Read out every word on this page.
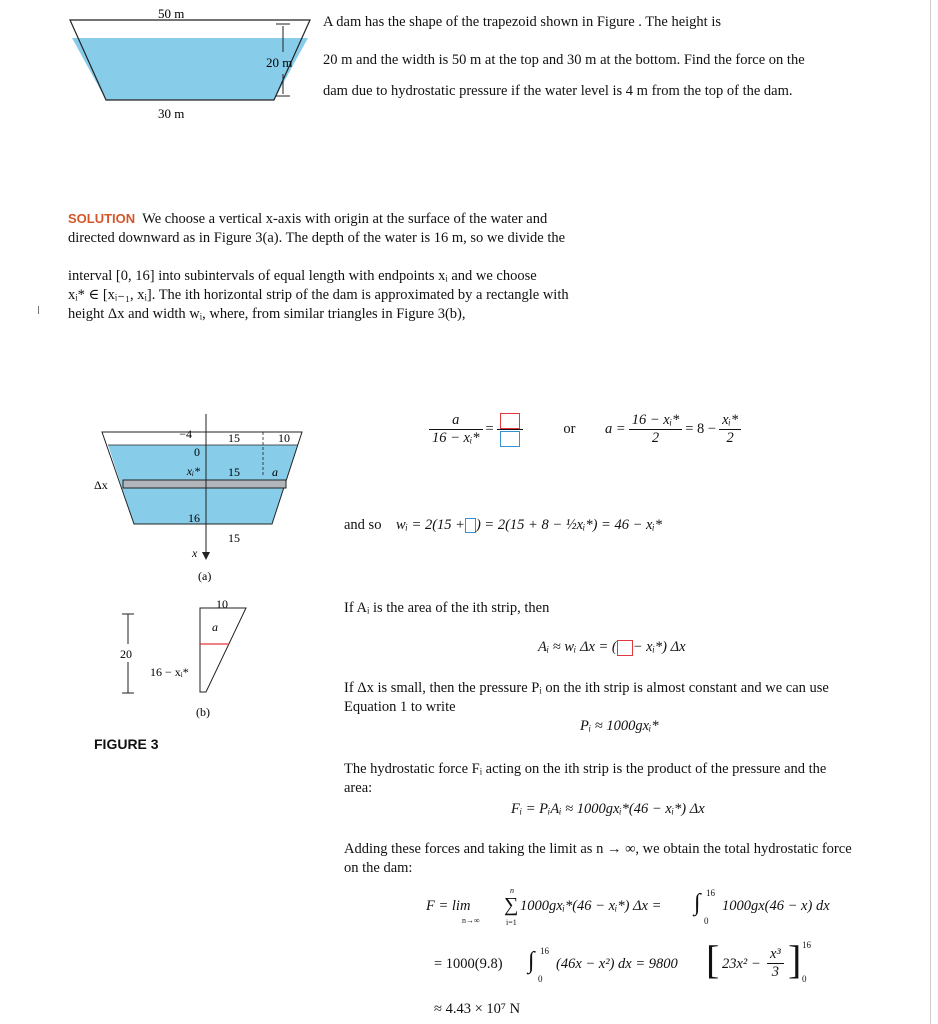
50 m
20 m
30 m
A dam has the shape of the trapezoid shown in Figure . The height is
20 m and the width is 50 m at the top and 30 m at the bottom. Find the force on the
dam due to hydrostatic pressure if the water level is 4 m from the top of the dam.
SOLUTION We choose a vertical x-axis with origin at the surface of the water and
directed downward as in Figure 3(a). The depth of the water is 16 m, so we divide the
interval [0, 16] into subintervals of equal length with endpoints xᵢ and we choose
xᵢ* ∈ [xᵢ₋₁, xᵢ]. The ith horizontal strip of the dam is approximated by a rectangle with
height Δx and width wᵢ, where, from similar triangles in Figure 3(b),
−4
0
xᵢ*
16
x
Δx
15	10
15	a
15
(a)
20
10
a
16 − xᵢ*
(b)
FIGURE 3
$\frac{a}{\text{16 − xᵢ*}}$ =	or $a = \frac{\text{16 − xᵢ*}}{2} = 8 - \frac{\text{xᵢ*}}{2}$
and so wᵢ = 2(15 + ) = 2(15 + 8 − ½xᵢ*) = 46 − xᵢ*
If Aᵢ is the area of the ith strip, then
Aᵢ ≈ wᵢ Δx = ( − xᵢ*) Δx
If Δx is small, then the pressure Pᵢ on the ith strip is almost constant and we can use
Equation 1 to write
Pᵢ ≈ 1000gxᵢ*
The hydrostatic force Fᵢ acting on the ith strip is the product of the pressure and the
area:
Fᵢ = PᵢAᵢ ≈ 1000gxᵢ*(46 − xᵢ*) Δx
Adding these forces and taking the limit as n → ∞, we obtain the total hydrostatic force
on the dam:
F = lim
n→∞
n
∑
i=1
1000gxᵢ*(46 − xᵢ*) Δx = ∫ 16
0
1000gx(46 − x) dx
= 1000(9.8) ∫ 16
0
(46x − x²) dx = 9800 [ 23x² −
x³
3 ] 16
0
≈ 4.43 × 10⁷ N
